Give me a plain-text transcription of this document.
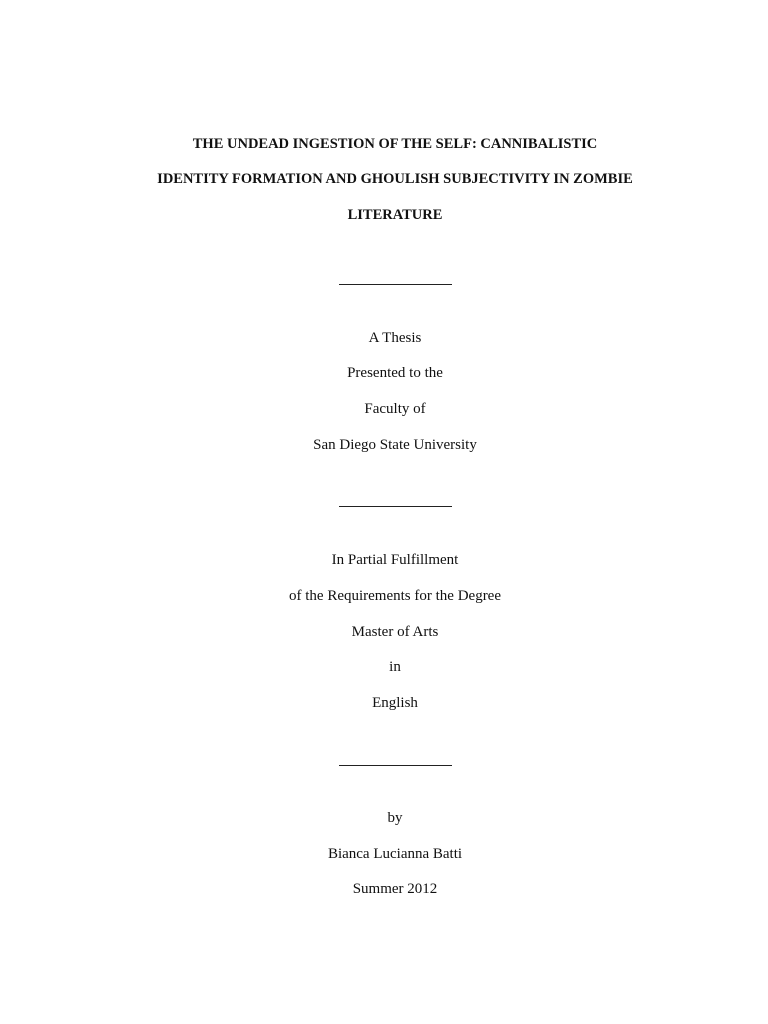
THE UNDEAD INGESTION OF THE SELF: CANNIBALISTIC
IDENTITY FORMATION AND GHOULISH SUBJECTIVITY IN ZOMBIE
LITERATURE
A Thesis
Presented to the
Faculty of
San Diego State University
In Partial Fulfillment
of the Requirements for the Degree
Master of Arts
in
English
by
Bianca Lucianna Batti
Summer 2012
